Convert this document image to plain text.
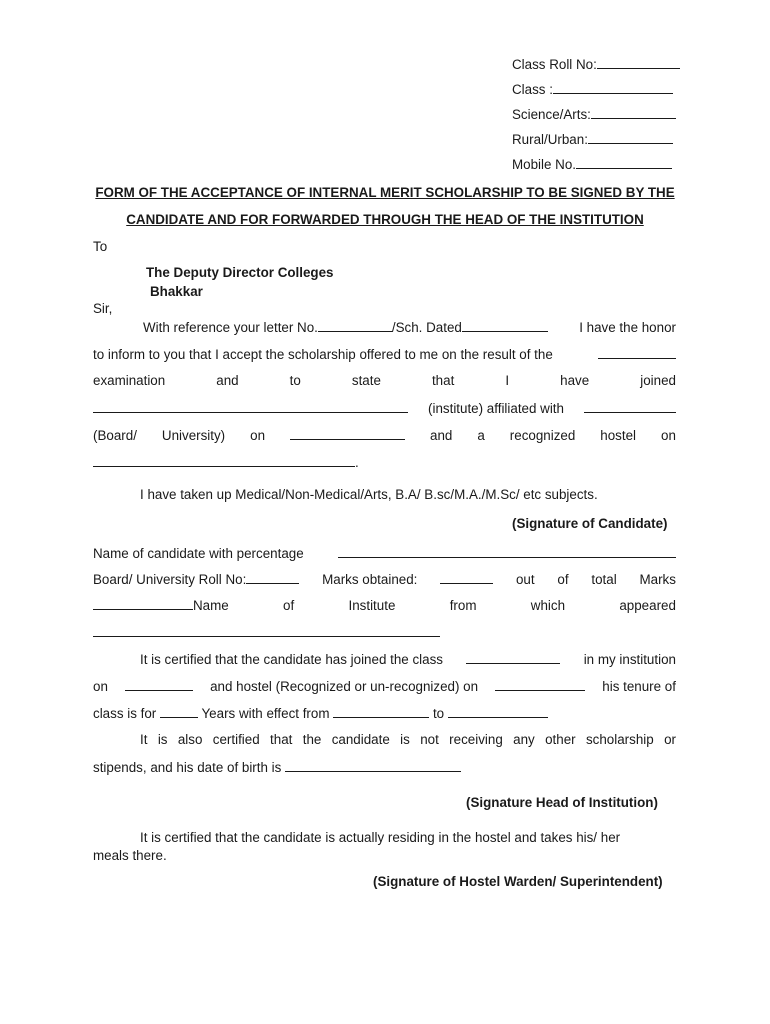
Class Roll No:
Class :
Science/Arts:
Rural/Urban:
Mobile No.
FORM OF THE ACCEPTANCE OF INTERNAL MERIT SCHOLARSHIP TO BE SIGNED BY THE
CANDIDATE AND FOR FORWARDED THROUGH THE HEAD OF THE INSTITUTION
To
The Deputy Director Colleges
Bhakkar
Sir,
With reference your letter No.	/Sch. Dated	I have the honor
to inform to you that I accept the scholarship offered to me on the result of the
examination	and	to	state	that	I	have	joined
(institute) affiliated with
(Board/ University) on	and a recognized hostel on
.
I have taken up Medical/Non-Medical/Arts, B.A/ B.sc/M.A./M.Sc/ etc subjects.
(Signature of Candidate)
Name of candidate with percentage
Board/ University Roll No:	Marks obtained:	out of total Marks
Name	of	Institute	from	which	appeared
It is certified that the candidate has joined the class	in my institution
on	and hostel (Recognized or un-recognized) on	his tenure of
class is for	Years with effect from	to
It is also certified that the candidate is not receiving any other scholarship or
stipends, and his date of birth is
(Signature Head of Institution)
It is certified that the candidate is actually residing in the hostel and takes his/ her
meals there.
(Signature of Hostel Warden/ Superintendent)
